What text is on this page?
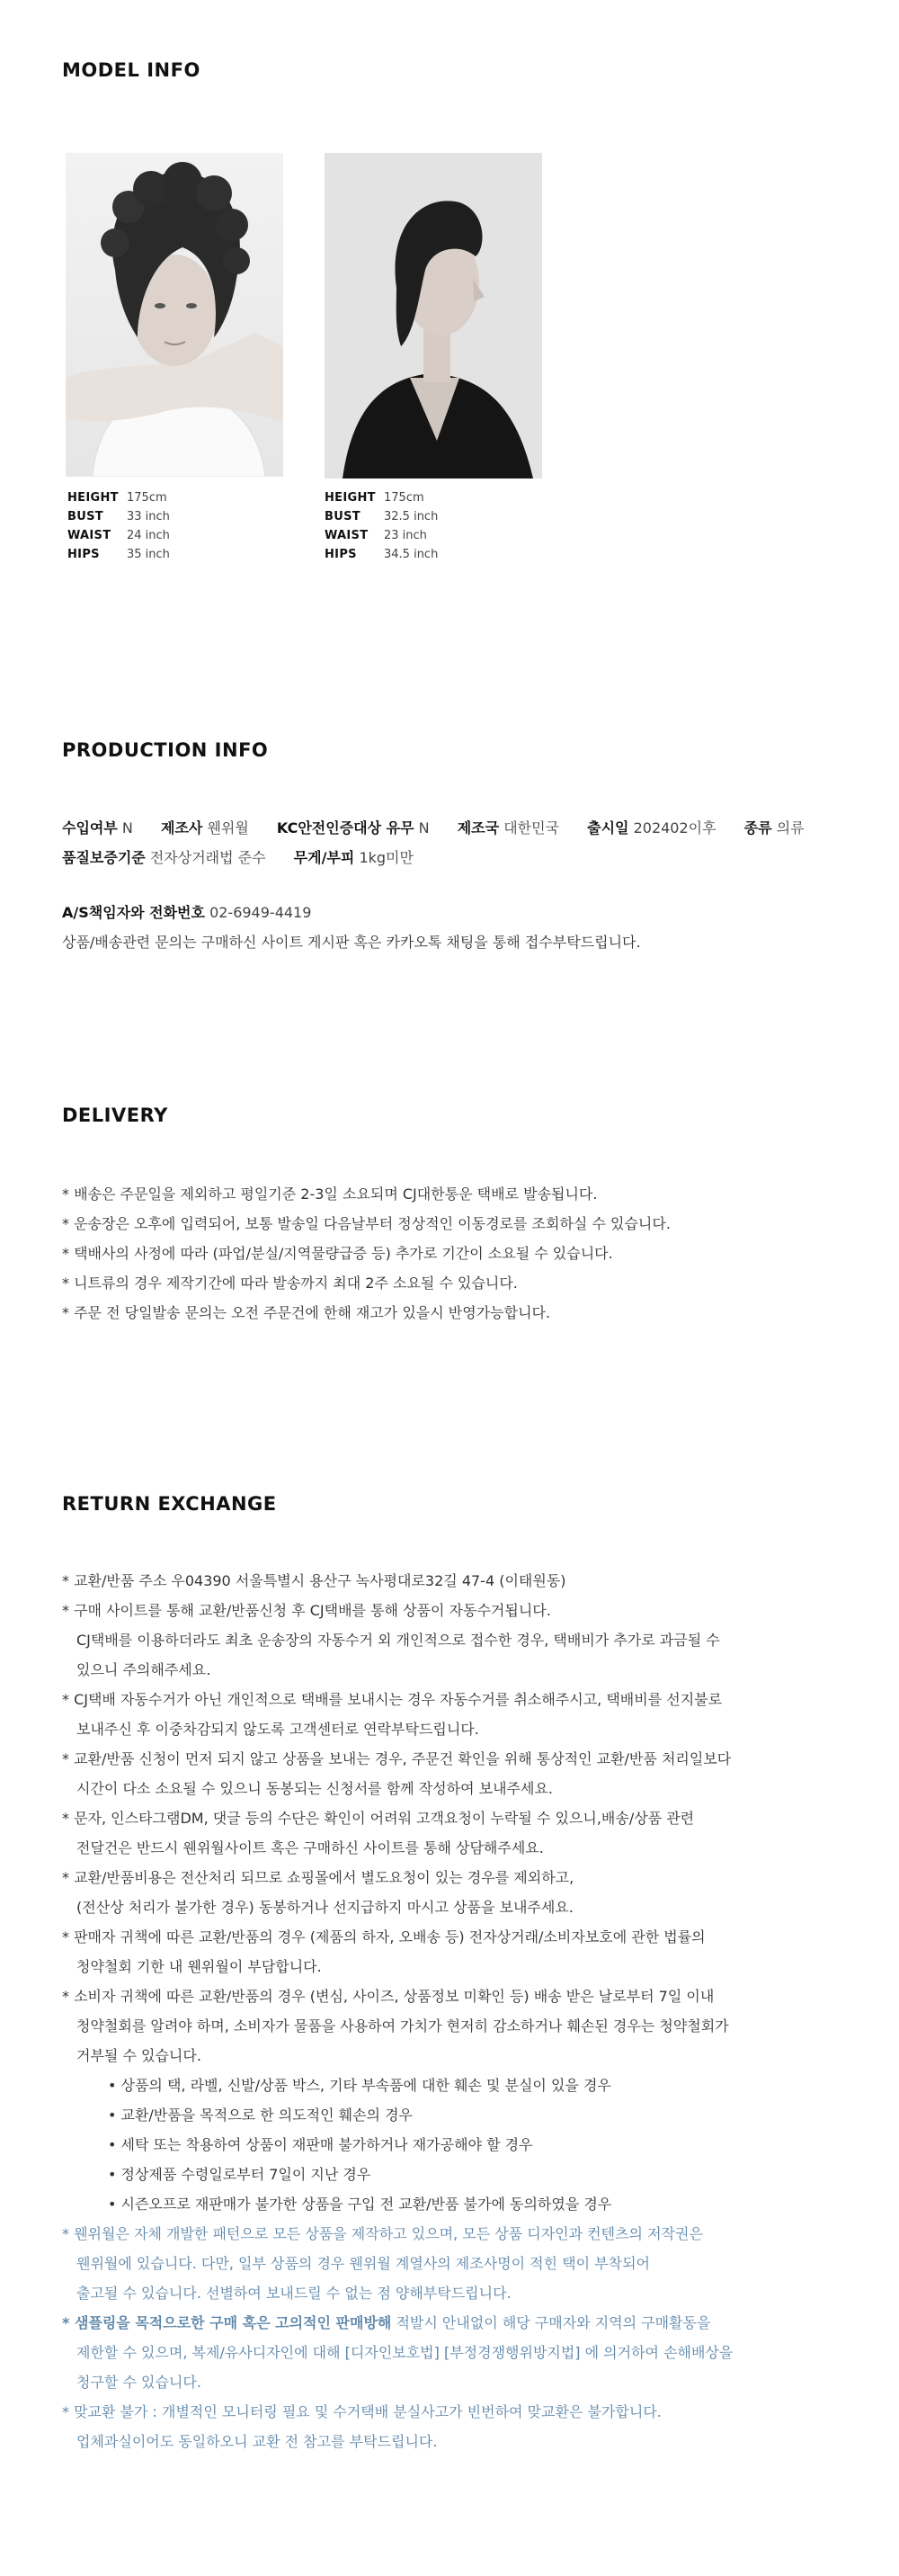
MODEL INFO
HEIGHT 175cm
BUST	33 inch
WAIST	24 inch
HIPS	35 inch
HEIGHT 175cm
BUST	32.5 inch
WAIST	23 inch
HIPS	34.5 inch
PRODUCTION INFO
수입여부 N 제조사 웬위월 KC안전인증대상 유무 N 제조국 대한민국 출시일 202402이후 종류 의류
품질보증기준 전자상거래법 준수 무게/부피 1kg미만
A/S책임자와 전화번호 02-6949-4419
상품/배송관련 문의는 구매하신 사이트 게시판 혹은 카카오톡 채팅을 통해 접수부탁드립니다.
DELIVERY
* 배송은 주문일을 제외하고 평일기준 2-3일 소요되며 CJ대한통운 택배로 발송됩니다.
* 운송장은 오후에 입력되어, 보통 발송일 다음날부터 정상적인 이동경로를 조회하실 수 있습니다.
* 택배사의 사정에 따라 (파업/분실/지역물량급증 등) 추가로 기간이 소요될 수 있습니다.
* 니트류의 경우 제작기간에 따라 발송까지 최대 2주 소요될 수 있습니다.
* 주문 전 당일발송 문의는 오전 주문건에 한해 재고가 있을시 반영가능합니다.
RETURN EXCHANGE
* 교환/반품 주소 우04390 서울특별시 용산구 녹사평대로32길 47-4 (이태원동)
* 구매 사이트를 통해 교환/반품신청 후 CJ택배를 통해 상품이 자동수거됩니다.
CJ택배를 이용하더라도 최초 운송장의 자동수거 외 개인적으로 접수한 경우, 택배비가 추가로 과금될 수
있으니 주의해주세요.
* CJ택배 자동수거가 아닌 개인적으로 택배를 보내시는 경우 자동수거를 취소해주시고, 택배비를 선지불로
보내주신 후 이중차감되지 않도록 고객센터로 연락부탁드립니다.
* 교환/반품 신청이 먼저 되지 않고 상품을 보내는 경우, 주문건 확인을 위해 통상적인 교환/반품 처리일보다
시간이 다소 소요될 수 있으니 동봉되는 신청서를 함께 작성하여 보내주세요.
* 문자, 인스타그램DM, 댓글 등의 수단은 확인이 어려워 고객요청이 누락될 수 있으니,배송/상품 관련
전달건은 반드시 웬위월사이트 혹은 구매하신 사이트를 통해 상담해주세요.
* 교환/반품비용은 전산처리 되므로 쇼핑몰에서 별도요청이 있는 경우를 제외하고,
(전산상 처리가 불가한 경우) 동봉하거나 선지급하지 마시고 상품을 보내주세요.
* 판매자 귀책에 따른 교환/반품의 경우 (제품의 하자, 오배송 등) 전자상거래/소비자보호에 관한 법률의
청약철회 기한 내 웬위월이 부담합니다.
* 소비자 귀책에 따른 교환/반품의 경우 (변심, 사이즈, 상품정보 미확인 등) 배송 받은 날로부터 7일 이내
청약철회를 알려야 하며, 소비자가 물품을 사용하여 가치가 현저히 감소하거나 훼손된 경우는 청약철회가
거부될 수 있습니다.
• 상품의 택, 라벨, 신발/상품 박스, 기타 부속품에 대한 훼손 및 분실이 있을 경우
• 교환/반품을 목적으로 한 의도적인 훼손의 경우
• 세탁 또는 착용하여 상품이 재판매 불가하거나 재가공해야 할 경우
• 정상제품 수령일로부터 7일이 지난 경우
• 시즌오프로 재판매가 불가한 상품을 구입 전 교환/반품 불가에 동의하였을 경우
* 웬위월은 자체 개발한 패턴으로 모든 상품을 제작하고 있으며, 모든 상품 디자인과 컨텐츠의 저작권은
웬위월에 있습니다. 다만, 일부 상품의 경우 웬위월 계열사의 제조사명이 적힌 택이 부착되어
출고될 수 있습니다. 선별하여 보내드릴 수 없는 점 양해부탁드립니다.
* 샘플링을 목적으로한 구매 혹은 고의적인 판매방해 적발시 안내없이 해당 구매자와 지역의 구매활동을
제한할 수 있으며, 복제/유사디자인에 대해 [디자인보호법] [부정경쟁행위방지법] 에 의거하여 손해배상을
청구할 수 있습니다.
* 맞교환 불가 : 개별적인 모니터링 필요 및 수거택배 분실사고가 빈번하여 맞교환은 불가합니다.
업체과실이어도 동일하오니 교환 전 참고를 부탁드립니다.
